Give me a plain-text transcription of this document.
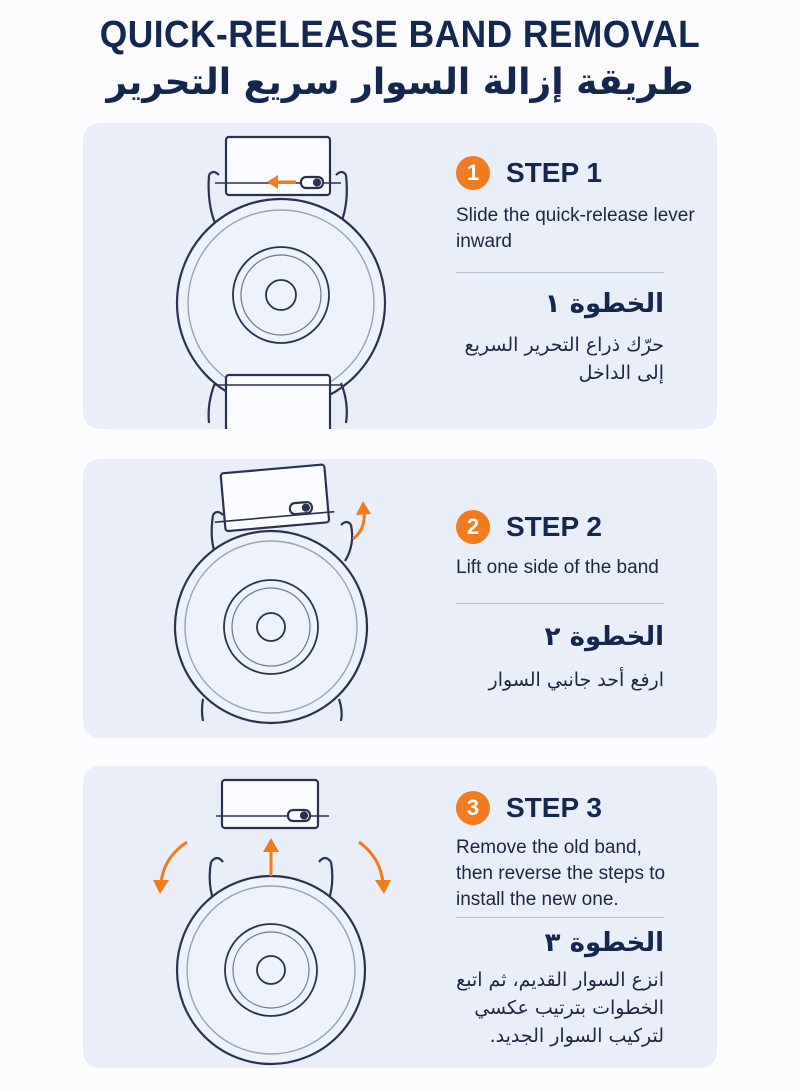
QUICK-RELEASE BAND REMOVAL
طريقة إزالة السوار سريع التحرير
1 STEP 1
Slide the quick-release lever inward
الخطوة ١
حرّك ذراع التحرير السريع إلى الداخل
2 STEP 2
Lift one side of the band
الخطوة ٢
ارفع أحد جانبي السوار
3 STEP 3
Remove the old band, then reverse the steps to install the new one.
الخطوة ٣
انزع السوار القديم، ثم اتبع الخطوات بترتيب عكسي لتركيب السوار الجديد.
